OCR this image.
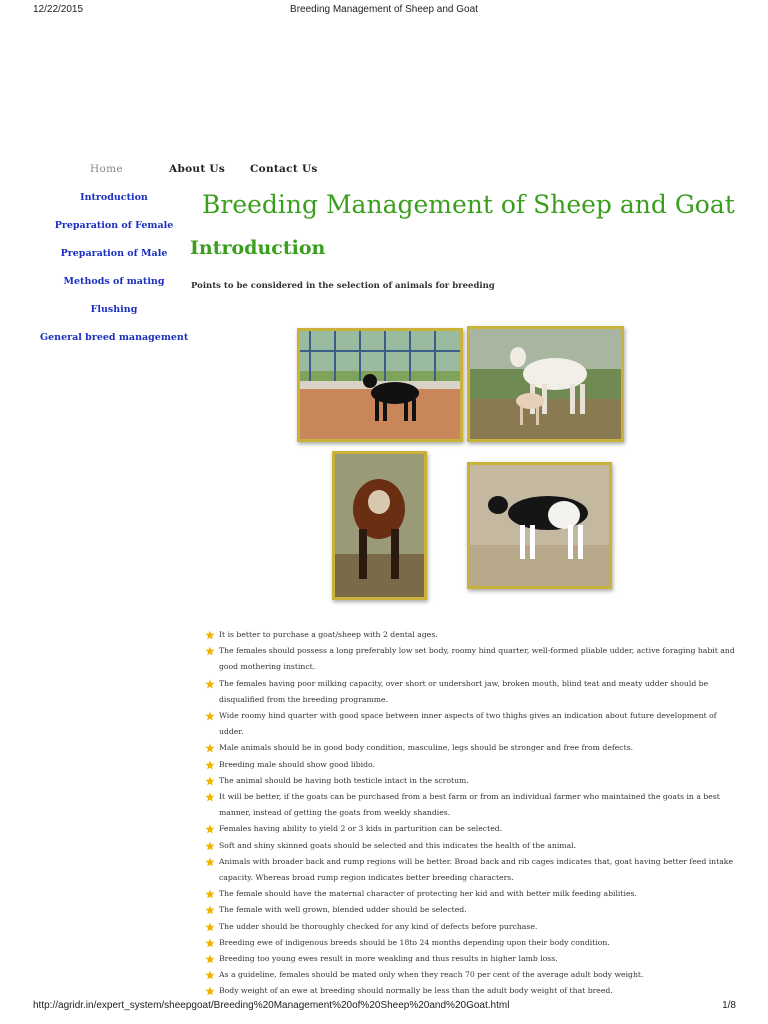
12/22/2015	Breeding Management of Sheep and Goat
Home	About Us Contact Us
Introduction
Preparation of Female
Preparation of Male
Methods of mating
Flushing
General breed management
Breeding Management of Sheep and Goat
Introduction
Points to be considered in the selection of animals for breeding
It is better to purchase a goat/sheep with 2 dental ages.
The females should possess a long preferably low set body, roomy hind quarter, well-formed pliable udder, active foraging habit and good mothering instinct.
The females having poor milking capacity, over short or undershort jaw, broken mouth, blind teat and meaty udder should be disqualified from the breeding programme.
Wide roomy hind quarter with good space between inner aspects of two thighs gives an indication about future development of udder.
Male animals should be in good body condition, masculine, legs should be stronger and free from defects.
Breeding male should show good libido.
The animal should be having both testicle intact in the scrotum.
It will be better, if the goats can be purchased from a best farm or from an individual farmer who maintained the goats in a best manner, instead of getting the goats from weekly shandies.
Females having ability to yield 2 or 3 kids in parturition can be selected.
Soft and shiny skinned goats should be selected and this indicates the health of the animal.
Animals with broader back and rump regions will be better. Broad back and rib cages indicates that, goat having better feed intake capacity. Whereas broad rump region indicates better breeding characters.
The female should have the maternal character of protecting her kid and with better milk feeding abilities.
The female with well grown, blended udder should be selected.
The udder should be thoroughly checked for any kind of defects before purchase.
Breeding ewe of indigenous breeds should be 18to 24 months depending upon their body condition.
Breeding too young ewes result in more weakling and thus results in higher lamb loss.
As a guideline, females should be mated only when they reach 70 per cent of the average adult body weight.
Body weight of an ewe at breeding should normally be less than the adult body weight of that breed.
http://agridr.in/expert_system/sheepgoat/Breeding%20Management%20of%20Sheep%20and%20Goat.html	1/8
